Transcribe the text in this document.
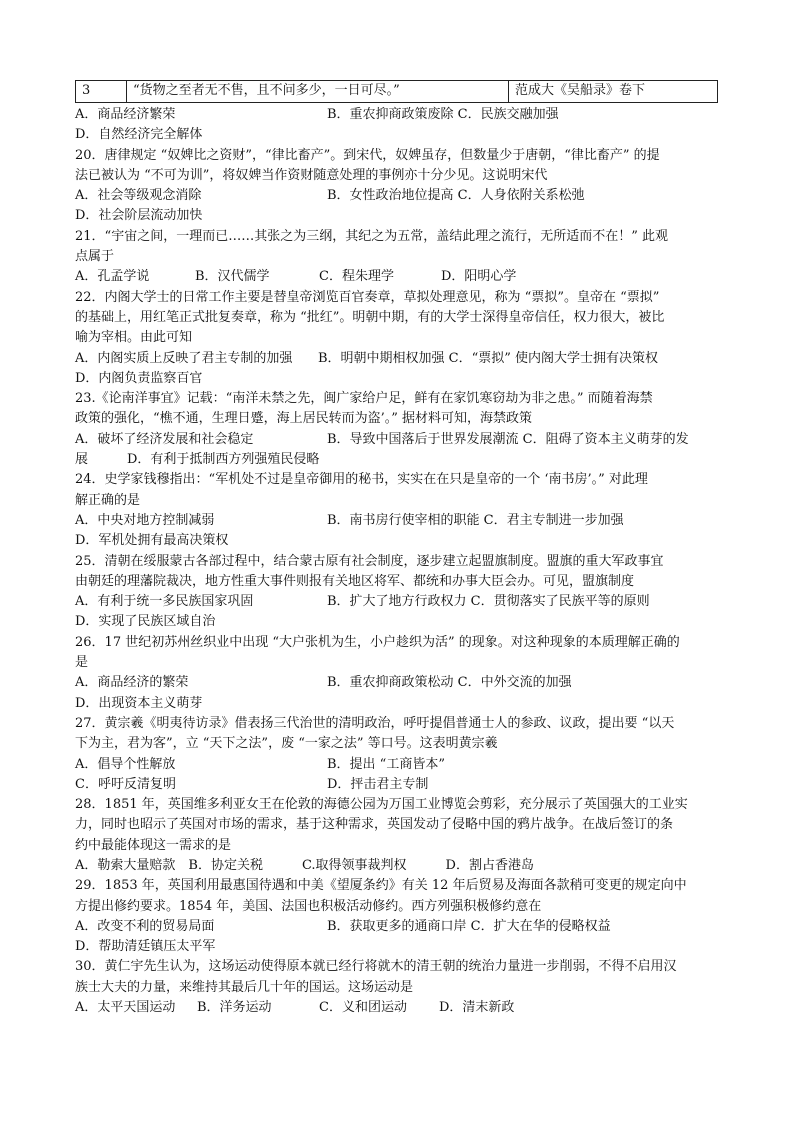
3	“货物之至者无不售，且不问多少，一日可尽。”	范成大《吴船录》卷下
A．商品经济繁荣	B．重农抑商政策废除 C．民族交融加强

D．自然经济完全解体

20．唐律规定 “奴婢比之资财”，“律比畜产”。到宋代，奴婢虽存，但数量少于唐朝，“律比畜产” 的提

法已被认为 “不可为训”，将奴婢当作资财随意处理的事例亦十分少见。这说明宋代

A．社会等级观念消除	B．女性政治地位提高 C．人身依附关系松弛

D．社会阶层流动加快

21．“宇宙之间，一理而已……其张之为三纲，其纪之为五常，盖结此理之流行，无所适而不在！” 此观

点属于

A．孔孟学说	B．汉代儒学	C．程朱理学	D．阳明心学

22．内阁大学士的日常工作主要是替皇帝浏览百官奏章，草拟处理意见，称为 “票拟”。皇帝在 “票拟”

的基础上，用红笔正式批复奏章，称为 “批红”。明朝中期，有的大学士深得皇帝信任，权力很大，被比

喻为宰相。由此可知

A．内阁实质上反映了君主专制的加强 B．明朝中期相权加强 C．“票拟” 使内阁大学士拥有决策权

D．内阁负责监察百官

23.《论南洋事宜》记载：“南洋未禁之先，闽广家给户足，鲜有在家饥寒窃劫为非之患。” 而随着海禁

政策的强化，“樵不通，生理日蹙，海上居民转而为盗’。” 据材料可知，海禁政策

A．破坏了经济发展和社会稳定	B．导致中国落后于世界发展潮流 C．阻碍了资本主义萌芽的发

展　　　D．有利于抵制西方列强殖民侵略

24．史学家钱穆指出：“军机处不过是皇帝御用的秘书，实实在在只是皇帝的一个 ‘南书房’。” 对此理

解正确的是

A．中央对地方控制减弱	B．南书房行使宰相的职能 C．君主专制进一步加强

D．军机处拥有最高决策权

25．清朝在绥服蒙古各部过程中，结合蒙古原有社会制度，逐步建立起盟旗制度。盟旗的重大军政事宜

由朝廷的理藩院裁决，地方性重大事件则报有关地区将军、都统和办事大臣会办。可见，盟旗制度

A．有利于统一多民族国家巩固	B．扩大了地方行政权力 C．贯彻落实了民族平等的原则

D．实现了民族区域自治

26．17 世纪初苏州丝织业中出现 “大户张机为生，小户趁织为活” 的现象。对这种现象的本质理解正确的

是

A．商品经济的繁荣	B．重农抑商政策松动 C．中外交流的加强

D．出现资本主义萌芽

27．黄宗羲《明夷待访录》借表扬三代治世的清明政治，呼吁提倡普通士人的参政、议政，提出要 “以天

下为主，君为客”，立 “天下之法”，废 “一家之法” 等口号。这表明黄宗羲

A．倡导个性解放	B．提出 “工商皆本”
C．呼吁反清复明	D．抨击君主专制

28．1851 年，英国维多利亚女王在伦敦的海德公园为万国工业博览会剪彩，充分展示了英国强大的工业实

力，同时也昭示了英国对市场的需求，基于这种需求，英国发动了侵略中国的鸦片战争。在战后签订的条

约中最能体现这一需求的是

A．勒索大量赔款　B．协定关税　　　C.取得领事裁判权　　　D．割占香港岛

29．1853 年，英国利用最惠国待遇和中美《望厦条约》有关 12 年后贸易及海面各款稍可变更的规定向中

方提出修约要求。1854 年，美国、法国也积极活动修约。西方列强积极修约意在

A．改变不利的贸易局面	B．获取更多的通商口岸 C．扩大在华的侵略权益

D．帮助清廷镇压太平军

30．黄仁宇先生认为，这场运动使得原本就已经行将就木的清王朝的统治力量进一步削弱，不得不启用汉

族士大夫的力量，来维持其最后几十年的国运。这场运动是

A．太平天国运动 B．洋务运动	C．义和团运动 D．清末新政
